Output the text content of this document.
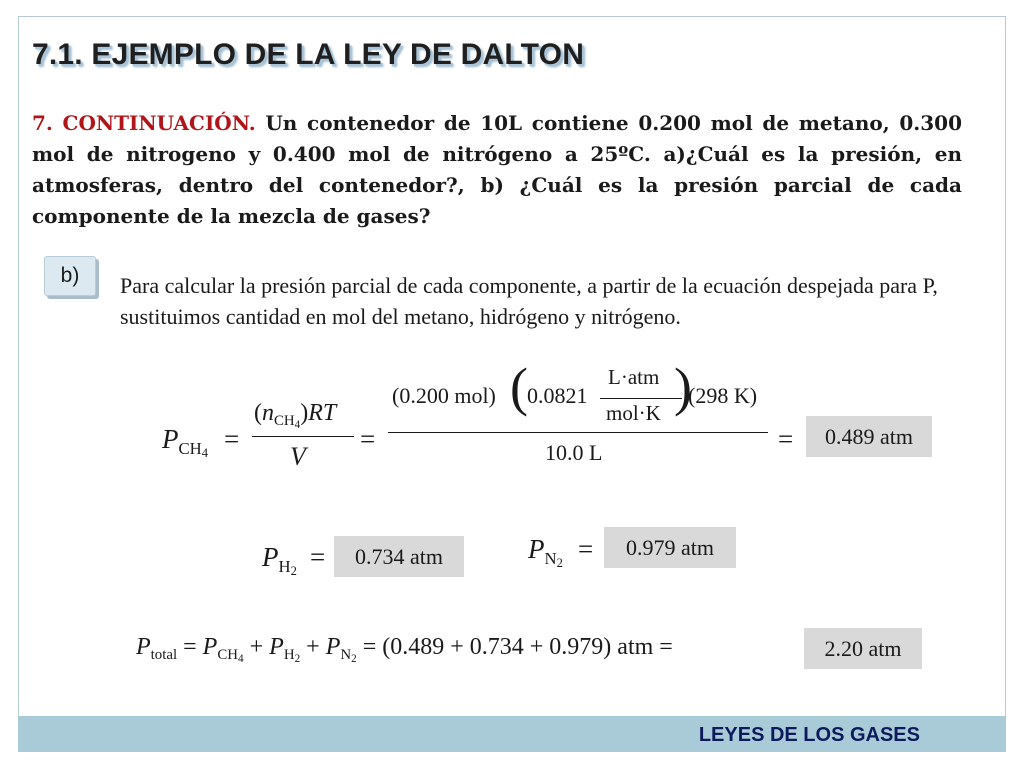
7.1. EJEMPLO DE LA LEY DE DALTON
7. CONTINUACIÓN. Un contenedor de 10L contiene 0.200 mol de metano, 0.300 mol de nitrogeno y 0.400 mol de nitrógeno a 25ºC. a)¿Cuál es la presión, en atmosferas, dentro del contenedor?, b) ¿Cuál es la presión parcial de cada componente de la mezcla de gases?
b)	Para calcular la presión parcial de cada componente, a partir de la ecuación despejada para P, sustituimos cantidad en mol del metano, hidrógeno y nitrógeno.
$P_{CH4}$ =
$(n_{CH4})RT$
V
=
(0.200 mol) ( 0.0821
L·atm
mol·K )
(298 K)
10.0 L	=	0.489 atm
$P_{H2}$ =	0.734 atm	$P_{N2}$ =	0.979 atm
$P_{total} = P_{CH4} + P_{H2} + P_{N2} = (0.489 + 0.734 + 0.979)$ atm =	2.20 atm
LEYES DE LOS GASES
